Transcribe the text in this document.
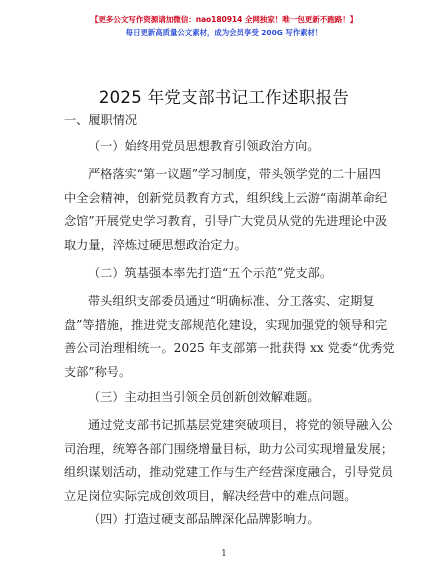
【更多公文写作资源请加微信：nao180914 全网独家！唯一包更新不跑路！】
每日更新高质量公文素材，成为会员享受 200G 写作素材！
2025 年党支部书记工作述职报告
一、履职情况
（一）始终用党员思想教育引领政治方向。
严格落实“第一议题”学习制度，带头领学党的二十届四
中全会精神，创新党员教育方式，组织线上云游“南湖革命纪
念馆”开展党史学习教育，引导广大党员从党的先进理论中汲
取力量，淬炼过硬思想政治定力。
（二）筑基强本率先打造“五个示范”党支部。
带头组织支部委员通过“明确标准、分工落实、定期复
盘”等措施，推进党支部规范化建设，实现加强党的领导和完
善公司治理相统一。2025 年支部第一批获得 xx 党委“优秀党
支部”称号。
（三）主动担当引领全员创新创效解难题。
通过党支部书记抓基层党建突破项目，将党的领导融入公
司治理，统筹各部门围绕增量目标，助力公司实现增量发展；
组织谋划活动，推动党建工作与生产经营深度融合，引导党员
立足岗位实际完成创效项目，解决经营中的难点问题。
（四）打造过硬支部品牌深化品牌影响力。
1
